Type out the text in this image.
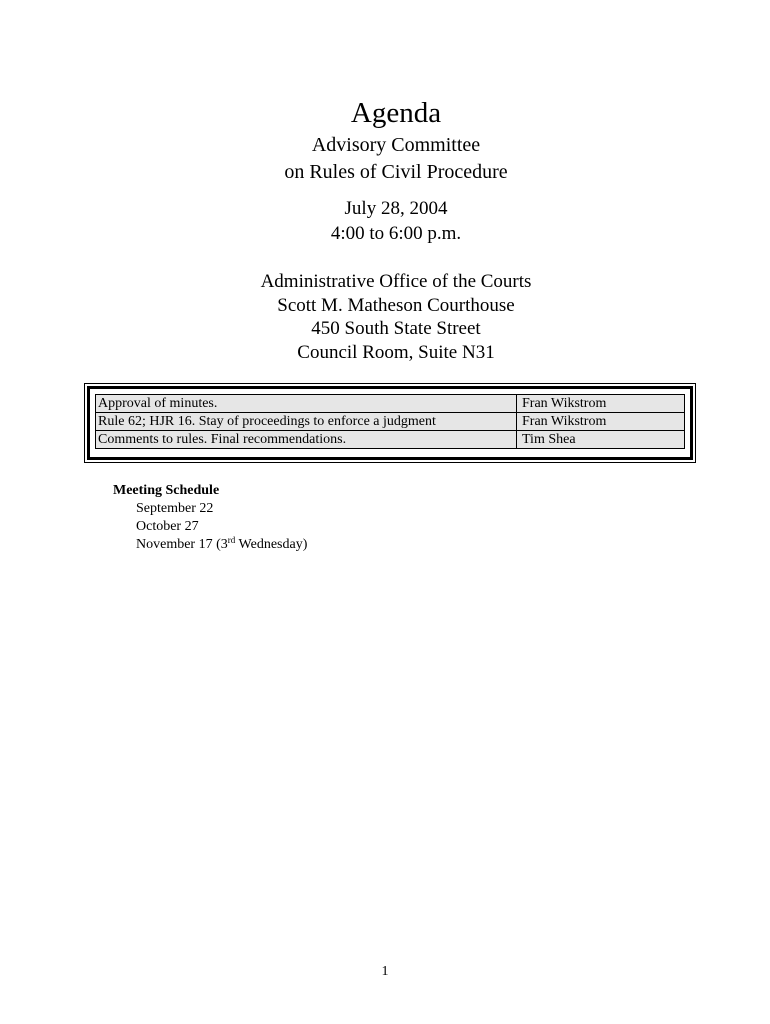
Agenda
Advisory Committee
on Rules of Civil Procedure
July 28, 2004
4:00 to 6:00 p.m.
Administrative Office of the Courts
Scott M. Matheson Courthouse
450 South State Street
Council Room, Suite N31
Approval of minutes.	Fran Wikstrom
Rule 62; HJR 16. Stay of proceedings to enforce a judgment	Fran Wikstrom
Comments to rules. Final recommendations.	Tim Shea
Meeting Schedule
September 22
October 27
November 17 (3rd Wednesday)
1
